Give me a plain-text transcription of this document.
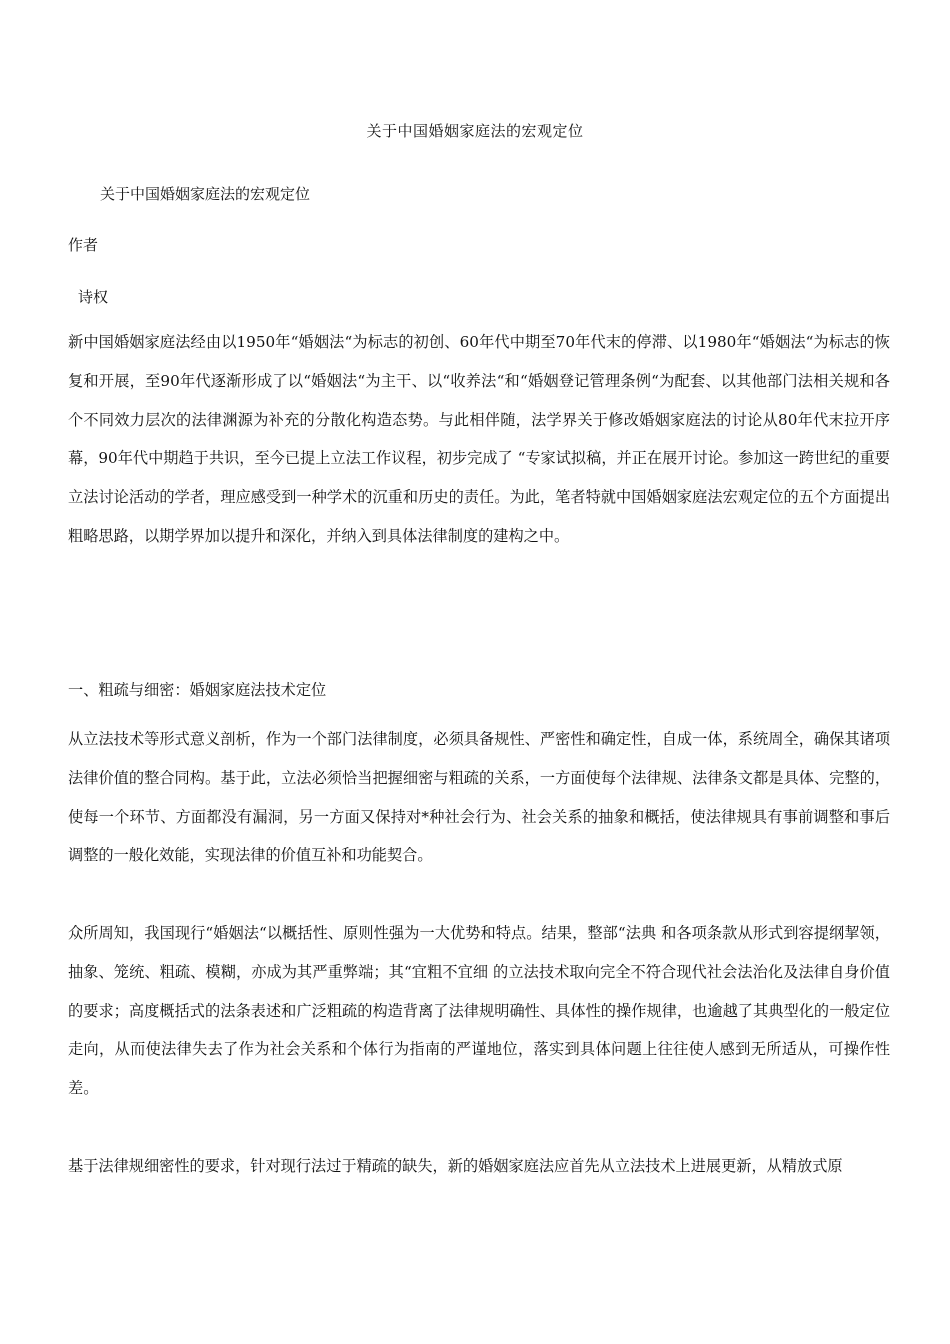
关于中国婚姻家庭法的宏观定位
关于中国婚姻家庭法的宏观定位
作者
诗权
新中国婚姻家庭法经由以1950年“婚姻法“为标志的初创、60年代中期至70年代末的停滞、以1980年“婚姻法“为标志的恢复和开展，至90年代逐渐形成了以“婚姻法“为主干、以“收养法“和“婚姻登记管理条例“为配套、以其他部门法相关规和各个不同效力层次的法律渊源为补充的分散化构造态势。与此相伴随，法学界关于修改婚姻家庭法的讨论从80年代末拉开序幕，90年代中期趋于共识，至今已提上立法工作议程，初步完成了 “专家试拟稿，并正在展开讨论。参加这一跨世纪的重要立法讨论活动的学者，理应感受到一种学术的沉重和历史的责任。为此，笔者特就中国婚姻家庭法宏观定位的五个方面提出粗略思路，以期学界加以提升和深化，并纳入到具体法律制度的建构之中。
一、粗疏与细密：婚姻家庭法技术定位
从立法技术等形式意义剖析，作为一个部门法律制度，必须具备规性、严密性和确定性，自成一体，系统周全，确保其诸项法律价值的整合同构。基于此，立法必须恰当把握细密与粗疏的关系，一方面使每个法律规、法律条文都是具体、完整的，使每一个环节、方面都没有漏洞，另一方面又保持对*种社会行为、社会关系的抽象和概括，使法律规具有事前调整和事后调整的一般化效能，实现法律的价值互补和功能契合。
众所周知，我国现行“婚姻法“以概括性、原则性强为一大优势和特点。结果，整部“法典 和各项条款从形式到容提纲挈领，抽象、笼统、粗疏、模糊，亦成为其严重弊端；其“宜粗不宜细 的立法技术取向完全不符合现代社会法治化及法律自身价值的要求；高度概括式的法条表述和广泛粗疏的构造背离了法律规明确性、具体性的操作规律，也逾越了其典型化的一般定位走向，从而使法律失去了作为社会关系和个体行为指南的严谨地位，落实到具体问题上往往使人感到无所适从，可操作性差。
基于法律规细密性的要求，针对现行法过于精疏的缺失，新的婚姻家庭法应首先从立法技术上进展更新，从精放式原
